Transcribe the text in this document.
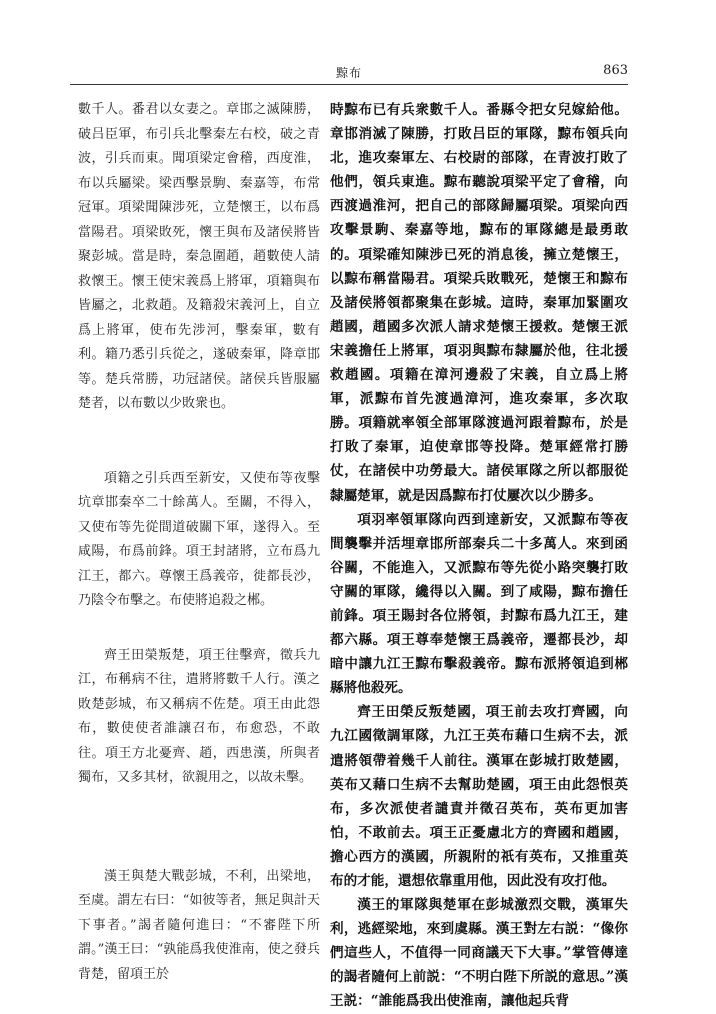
黥布	863

數千人。番君以女妻之。章邯之滅陳勝，破吕臣軍，布引兵北擊秦左右校，破之青波，引兵而東。聞項梁定會稽，西度淮，布以兵屬梁。梁西擊景駒、秦嘉等，布常冠軍。項梁聞陳涉死，立楚懷王，以布爲當陽君。項梁敗死，懷王與布及諸侯將皆聚彭城。當是時，秦急圍趙，趙數使人請救懷王。懷王使宋義爲上將軍，項籍與布皆屬之，北救趙。及籍殺宋義河上，自立爲上將軍，使布先涉河，擊秦軍，數有利。籍乃悉引兵從之，遂破秦軍，降章邯等。楚兵常勝，功冠諸侯。諸侯兵皆服屬楚者，以布數以少敗衆也。

項籍之引兵西至新安，又使布等夜擊坑章邯秦卒二十餘萬人。至關，不得入，又使布等先從間道破關下軍，遂得入。至咸陽，布爲前鋒。項王封諸將，立布爲九江王，都六。尊懷王爲義帝，徙都長沙，乃陰令布擊之。布使將追殺之郴。

齊王田榮叛楚，項王往擊齊，徵兵九江，布稱病不往，遣將將數千人行。漢之敗楚彭城，布又稱病不佐楚。項王由此怨布，數使使者誰讓召布，布愈恐，不敢往。項王方北憂齊、趙，西患漢，所與者獨布，又多其材，欲親用之，以故未擊。

漢王與楚大戰彭城，不利，出梁地，至虞。謂左右曰：“如彼等者，無足與計天下事者。”謁者隨何進曰：“不審陛下所謂。”漢王曰：“孰能爲我使淮南，使之發兵背楚，留項王於

時黥布已有兵衆數千人。番縣令把女兒嫁給他。章邯消滅了陳勝，打敗吕臣的軍隊，黥布領兵向北，進攻秦軍左、右校尉的部隊，在青波打敗了他們，領兵東進。黥布聽說項梁平定了會稽，向西渡過淮河，把自己的部隊歸屬項梁。項梁向西攻擊景駒、秦嘉等地，黥布的軍隊總是最勇敢的。項梁確知陳涉已死的消息後，擁立楚懷王，以黥布稱當陽君。項梁兵敗戰死，楚懷王和黥布及諸侯將領都聚集在彭城。這時，秦軍加緊圍攻趙國，趙國多次派人請求楚懷王援救。楚懷王派宋義擔任上將軍，項羽與黥布隸屬於他，往北援救趙國。項籍在漳河邊殺了宋義，自立爲上將軍，派黥布首先渡過漳河，進攻秦軍，多次取勝。項籍就率領全部軍隊渡過河跟着黥布，於是打敗了秦軍，迫使章邯等投降。楚軍經常打勝仗，在諸侯中功勞最大。諸侯軍隊之所以都服從隸屬楚軍，就是因爲黥布打仗屢次以少勝多。

項羽率領軍隊向西到達新安，又派黥布等夜間襲擊并活埋章邯所部秦兵二十多萬人。來到函谷關，不能進入，又派黥布等先從小路突襲打敗守關的軍隊，纔得以入關。到了咸陽，黥布擔任前鋒。項王賜封各位將領，封黥布爲九江王，建都六縣。項王尊奉楚懷王爲義帝，遷都長沙，却暗中讓九江王黥布擊殺義帝。黥布派將領追到郴縣將他殺死。

齊王田榮反叛楚國，項王前去攻打齊國，向九江國徵調軍隊，九江王英布藉口生病不去，派遣將領帶着幾千人前往。漢軍在彭城打敗楚國，英布又藉口生病不去幫助楚國，項王由此怨恨英布，多次派使者譴責并徵召英布，英布更加害怕，不敢前去。項王正憂慮北方的齊國和趙國，擔心西方的漢國，所親附的祇有英布，又推重英布的才能，還想依靠重用他，因此没有攻打他。

漢王的軍隊與楚軍在彭城激烈交戰，漢軍失利，逃經梁地，來到虞縣。漢王對左右説：“像你們這些人，不值得一同商議天下大事。”掌管傳達的謁者隨何上前説：“不明白陛下所説的意思。”漢王説：“誰能爲我出使淮南，讓他起兵背
